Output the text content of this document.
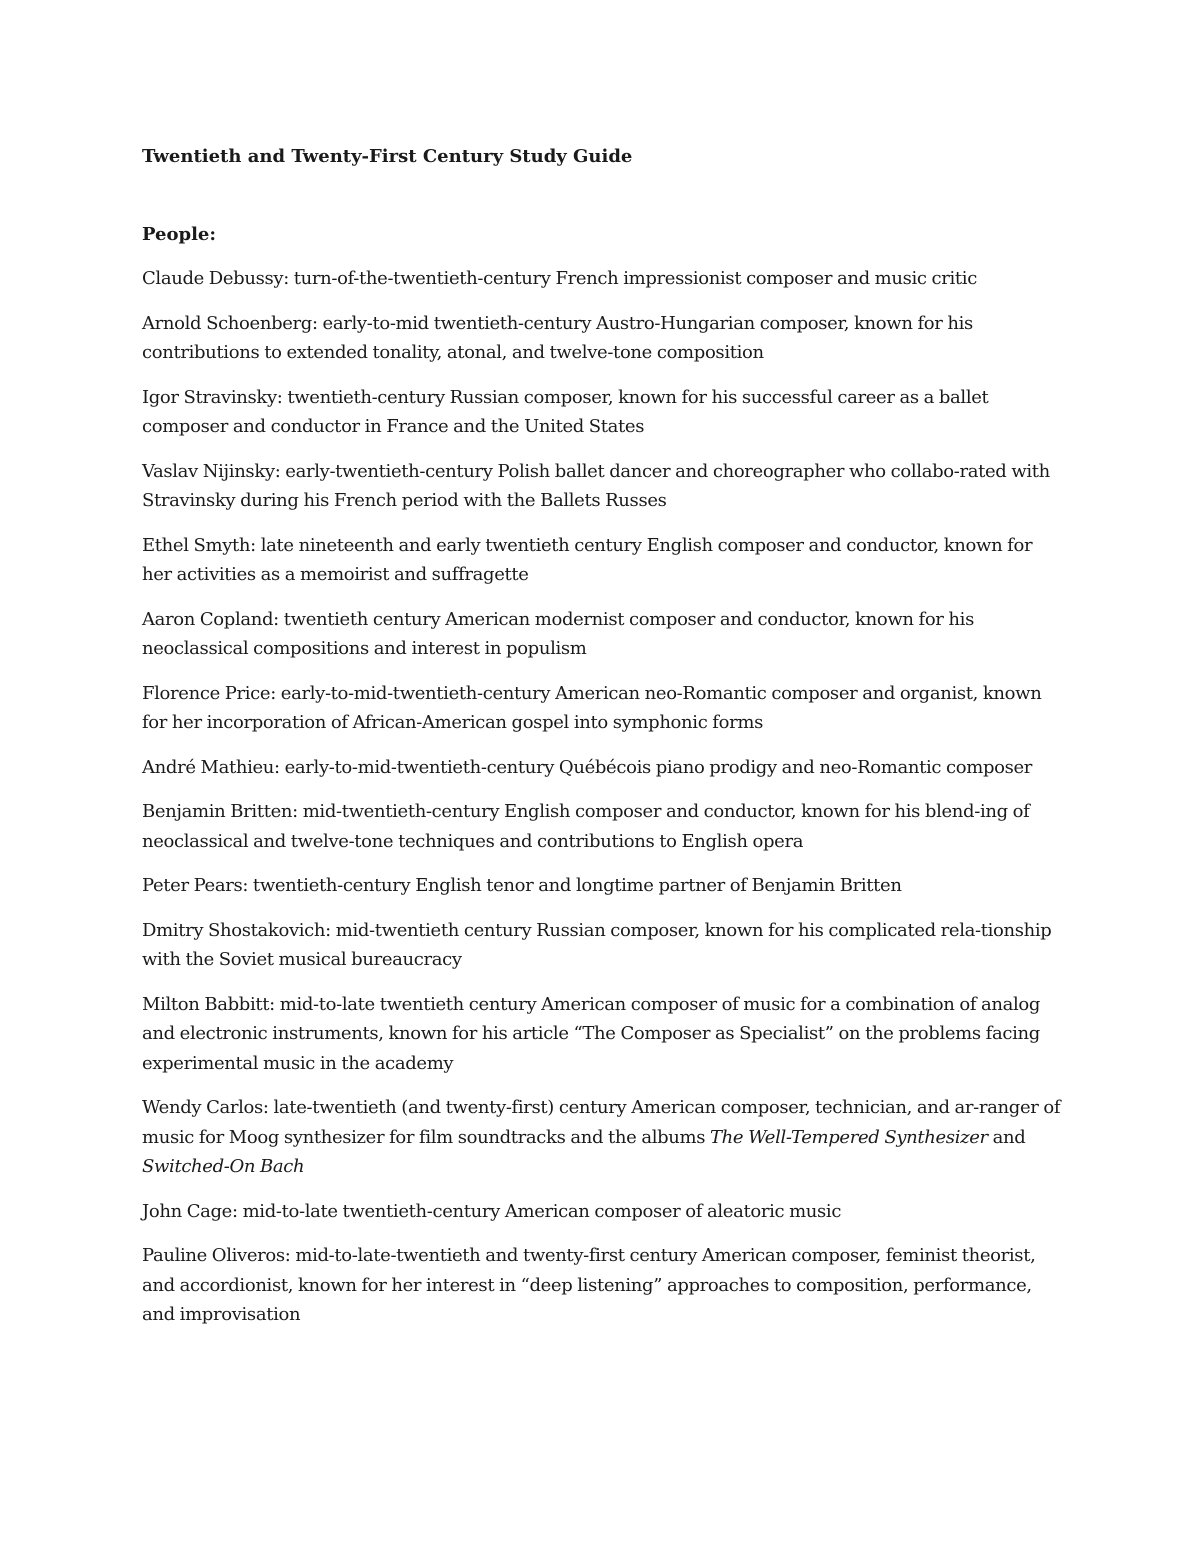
Twentieth and Twenty-First Century Study Guide
People:

Claude Debussy: turn-of-the-twentieth-century French impressionist composer and music critic

Arnold Schoenberg: early-to-mid twentieth-century Austro-Hungarian composer, known for his contributions to extended tonality, atonal, and twelve-tone composition

Igor Stravinsky: twentieth-century Russian composer, known for his successful career as a ballet composer and conductor in France and the United States

Vaslav Nijinsky: early-twentieth-century Polish ballet dancer and choreographer who collabo-rated with Stravinsky during his French period with the Ballets Russes

Ethel Smyth: late nineteenth and early twentieth century English composer and conductor, known for her activities as a memoirist and suffragette

Aaron Copland: twentieth century American modernist composer and conductor, known for his neoclassical compositions and interest in populism

Florence Price: early-to-mid-twentieth-century American neo-Romantic composer and organist, known for her incorporation of African-American gospel into symphonic forms

André Mathieu: early-to-mid-twentieth-century Québécois piano prodigy and neo-Romantic composer

Benjamin Britten: mid-twentieth-century English composer and conductor, known for his blend-ing of neoclassical and twelve-tone techniques and contributions to English opera

Peter Pears: twentieth-century English tenor and longtime partner of Benjamin Britten

Dmitry Shostakovich: mid-twentieth century Russian composer, known for his complicated rela-tionship with the Soviet musical bureaucracy

Milton Babbitt: mid-to-late twentieth century American composer of music for a combination of analog and electronic instruments, known for his article “The Composer as Specialist” on the problems facing experimental music in the academy

Wendy Carlos: late-twentieth (and twenty-first) century American composer, technician, and ar-ranger of music for Moog synthesizer for film soundtracks and the albums The Well-Tempered Synthesizer and Switched-On Bach

John Cage: mid-to-late twentieth-century American composer of aleatoric music

Pauline Oliveros: mid-to-late-twentieth and twenty-first century American composer, feminist theorist, and accordionist, known for her interest in “deep listening” approaches to composition, performance, and improvisation
